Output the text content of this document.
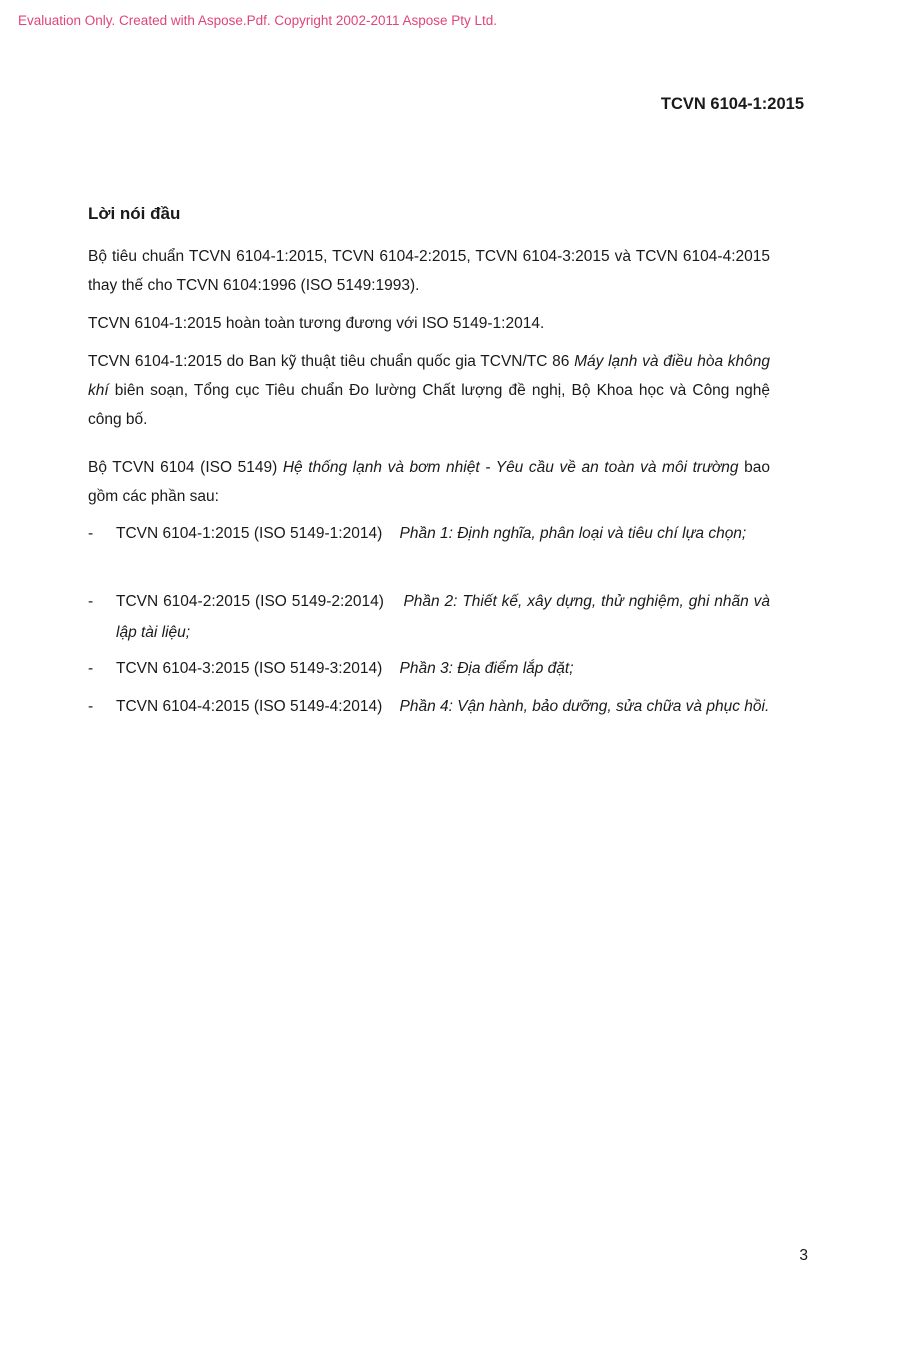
Evaluation Only. Created with Aspose.Pdf. Copyright 2002-2011 Aspose Pty Ltd.
TCVN 6104-1:2015
Lời nói đầu
Bộ tiêu chuẩn TCVN 6104-1:2015, TCVN 6104-2:2015, TCVN 6104-3:2015 và TCVN 6104-4:2015 thay thế cho TCVN 6104:1996 (ISO 5149:1993).
TCVN 6104-1:2015 hoàn toàn tương đương với ISO 5149-1:2014.
TCVN 6104-1:2015 do Ban kỹ thuật tiêu chuẩn quốc gia TCVN/TC 86 Máy lạnh và điều hòa không khí biên soạn, Tổng cục Tiêu chuẩn Đo lường Chất lượng đề nghị, Bộ Khoa học và Công nghệ công bố.
Bộ TCVN 6104 (ISO 5149) Hệ thống lạnh và bơm nhiệt - Yêu cầu về an toàn và môi trường bao gồm các phần sau:
- TCVN 6104-1:2015 (ISO 5149-1:2014) Phần 1: Định nghĩa, phân loại và tiêu chí lựa chọn;
- TCVN 6104-2:2015 (ISO 5149-2:2014) Phần 2: Thiết kế, xây dựng, thử nghiệm, ghi nhãn và lập tài liệu;
- TCVN 6104-3:2015 (ISO 5149-3:2014) Phần 3: Địa điểm lắp đặt;
- TCVN 6104-4:2015 (ISO 5149-4:2014) Phần 4: Vận hành, bảo dưỡng, sửa chữa và phục hồi.
3
